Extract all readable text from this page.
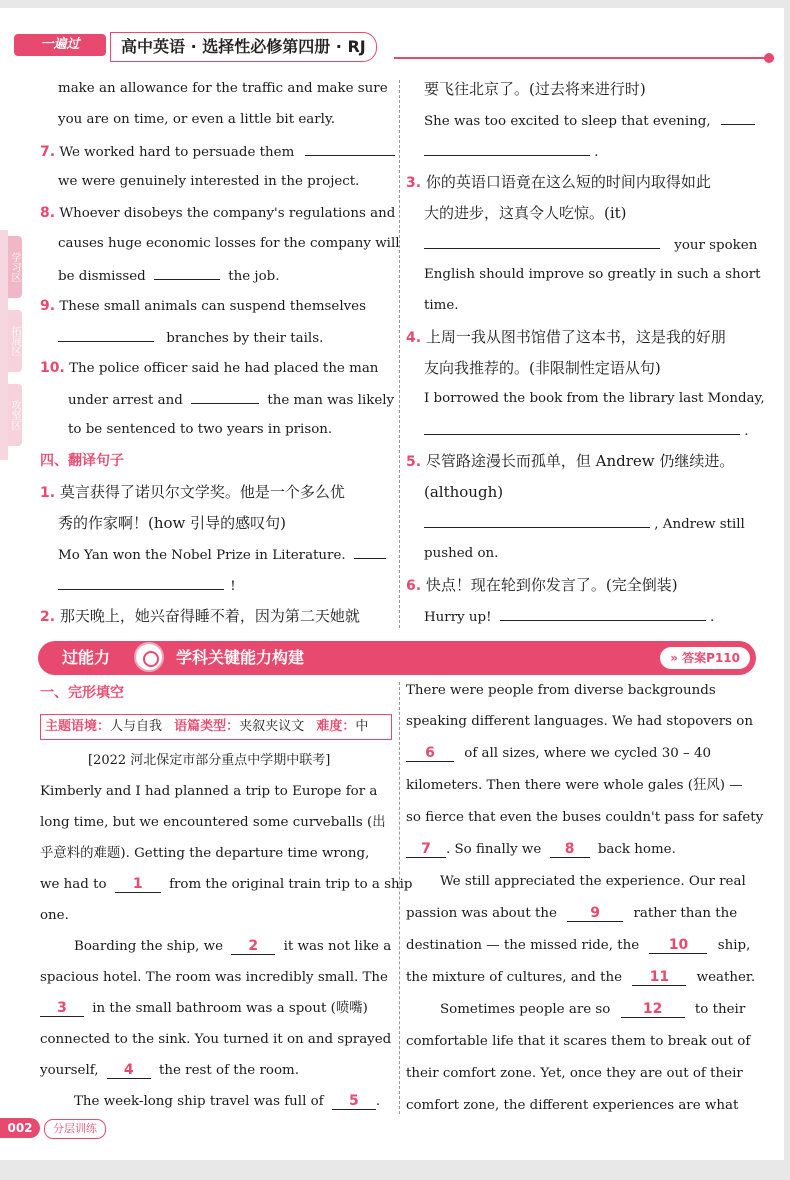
一遍过	高中英语 · 选择性必修第四册 · RJ
学习区
拓展区
攻坚区
make an allowance for the traffic and make sure
you are on time, or even a little bit early.
7. We worked hard to persuade them
we were genuinely interested in the project.
8. Whoever disobeys the company's regulations and
causes huge economic losses for the company will
be dismissed	the job.
9. These small animals can suspend themselves
branches by their tails.
10. The police officer said he had placed the man
under arrest and	the man was likely
to be sentenced to two years in prison.
四、翻译句子
1. 莫言获得了诺贝尔文学奖。他是一个多么优
秀的作家啊！(how 引导的感叹句)
Mo Yan won the Nobel Prize in Literature.
!
2. 那天晚上，她兴奋得睡不着，因为第二天她就
要飞往北京了。(过去将来进行时)
She was too excited to sleep that evening,
.
3. 你的英语口语竟在这么短的时间内取得如此
大的进步，这真令人吃惊。(it)
your spoken
English should improve so greatly in such a short
time.
4. 上周一我从图书馆借了这本书，这是我的好朋
友向我推荐的。(非限制性定语从句)
I borrowed the book from the library last Monday,
.
5. 尽管路途漫长而孤单，但 Andrew 仍继续进。
(although)
, Andrew still
pushed on.
6. 快点！现在轮到你发言了。(完全倒装)
Hurry up!	.
过能力	学科关键能力构建	» 答案P110
一、完形填空
主题语境：人与自我 语篇类型：夹叙夹议文 难度：中
[2022 河北保定市部分重点中学期中联考]
Kimberly and I had planned a trip to Europe for a
long time, but we encountered some curveballs (出
乎意料的难题). Getting the departure time wrong,
we had to 1 from the original train trip to a ship
one.
Boarding the ship, we 2 it was not like a
spacious hotel. The room was incredibly small. The
3 in the small bathroom was a spout (喷嘴)
connected to the sink. You turned it on and sprayed
yourself, 4 the rest of the room.
The week-long ship travel was full of 5 .
There were people from diverse backgrounds
speaking different languages. We had stopovers on
6 of all sizes, where we cycled 30 – 40
kilometers. Then there were whole gales (狂风) —
so fierce that even the buses couldn't pass for safety
7 . So finally we 8 back home.
We still appreciated the experience. Our real
passion was about the 9 rather than the
destination — the missed ride, the 10 ship,
the mixture of cultures, and the 11 weather.
Sometimes people are so 12 to their
comfortable life that it scares them to break out of
their comfort zone. Yet, once they are out of their
comfort zone, the different experiences are what
002	分层训练
